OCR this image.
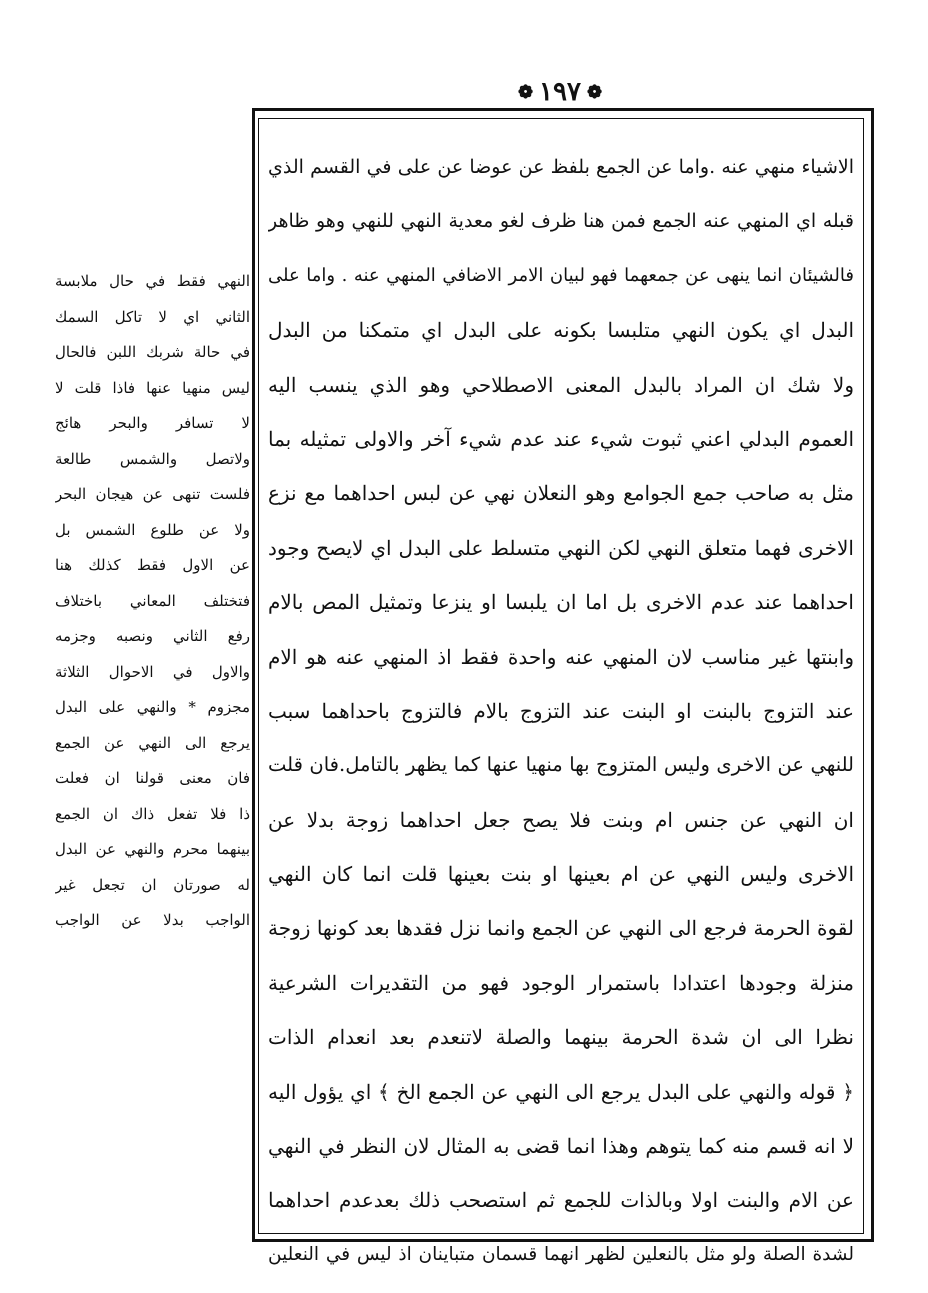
❁
١٩٧
❁
الاشياء منهي عنه .واما عن الجمع بلفظ عن عوضا عن على في القسم الذي
قبله اي المنهي عنه الجمع فمن هنا ظرف لغو معدية النهي للنهي وهو ظاهر
فالشيئان انما ينهى عن جمعهما فهو لبيان الامر الاضافي المنهي عنه . واما على
البدل اي يكون النهي متلبسا بكونه على البدل اي متمكنا من البدل
ولا شك ان المراد بالبدل المعنى الاصطلاحي وهو الذي ينسب اليه
العموم البدلي اعني ثبوت شيء عند عدم شيء آخر والاولى تمثيله بما
مثل به صاحب جمع الجوامع وهو النعلان نهي عن لبس احداهما مع نزع
الاخرى فهما متعلق النهي لكن النهي متسلط على البدل اي لايصح وجود
احداهما عند عدم الاخرى بل اما ان يلبسا او ينزعا وتمثيل المص بالام
وابنتها غير مناسب لان المنهي عنه واحدة فقط اذ المنهي عنه هو الام
عند التزوج بالبنت او البنت عند التزوج بالام فالتزوج باحداهما سبب
للنهي عن الاخرى وليس المتزوج بها منهيا عنها كما يظهر بالتامل.فان قلت
ان النهي عن جنس ام وبنت فلا يصح جعل احداهما زوجة بدلا عن
الاخرى وليس النهي عن ام بعينها او بنت بعينها قلت انما كان النهي
لقوة الحرمة فرجع الى النهي عن الجمع وانما نزل فقدها بعد كونها زوجة
منزلة وجودها اعتدادا باستمرار الوجود فهو من التقديرات الشرعية
نظرا الى ان شدة الحرمة بينهما والصلة لاتنعدم بعد انعدام الذات
﴿ قوله والنهي على البدل يرجع الى النهي عن الجمع الخ ﴾ اي يؤول اليه
لا انه قسم منه كما يتوهم وهذا انما قضى به المثال لان النظر في النهي
عن الام والبنت اولا وبالذات للجمع ثم استصحب ذلك بعدعدم احداهما
لشدة الصلة ولو مثل بالنعلين لظهر انهما قسمان متباينان اذ ليس في النعلين
النهي فقط في حال ملابسة
الثاني اي لا تاكل السمك
في حالة شربك اللبن فالحال
ليس منهيا عنها فاذا قلت لا
لا تسافر والبحر هائج
ولاتصل والشمس طالعة
فلست تنهى عن هيجان البحر
ولا عن طلوع الشمس بل
عن الاول فقط كذلك هنا
فتختلف المعاني باختلاف
رفع الثاني ونصبه وجزمه
والاول في الاحوال الثلاثة
مجزوم * والنهي على البدل
يرجع الى النهي عن الجمع
فان معنى قولنا ان فعلت
ذا فلا تفعل ذاك ان الجمع
بينهما محرم والنهي عن البدل
له صورتان ان تجعل غير
الواجب بدلا عن الواجب
